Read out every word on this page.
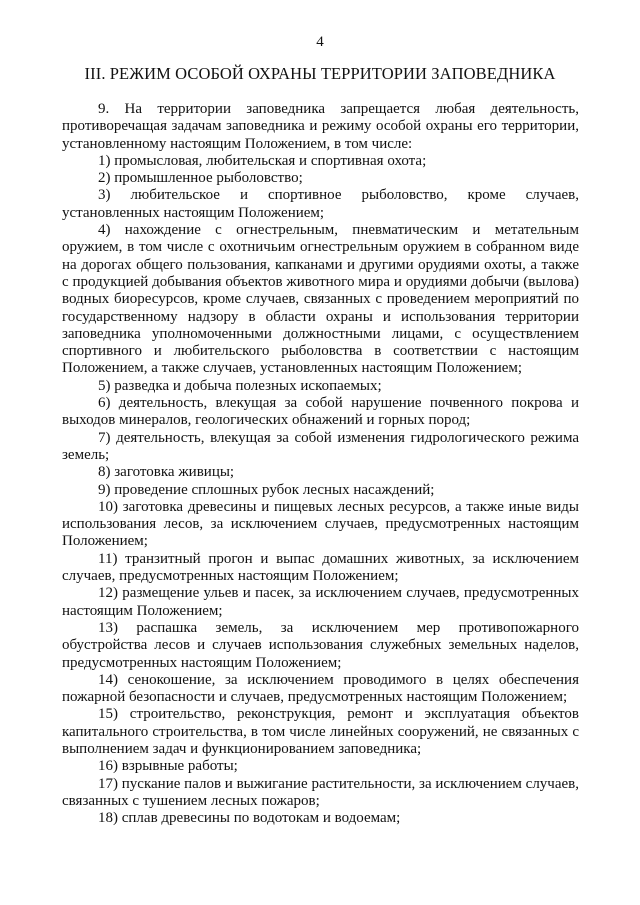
4
III. РЕЖИМ ОСОБОЙ ОХРАНЫ ТЕРРИТОРИИ ЗАПОВЕДНИКА

9. На территории заповедника запрещается любая деятельность, противоречащая задачам заповедника и режиму особой охраны его территории, установленному настоящим Положением, в том числе:

1) промысловая, любительская и спортивная охота;

2) промышленное рыболовство;

3) любительское и спортивное рыболовство, кроме случаев, установленных настоящим Положением;

4) нахождение с огнестрельным, пневматическим и метательным оружием, в том числе с охотничьим огнестрельным оружием в собранном виде на дорогах общего пользования, капканами и другими орудиями охоты, а также с продукцией добывания объектов животного мира и орудиями добычи (вылова) водных биоресурсов, кроме случаев, связанных с проведением мероприятий по государственному надзору в области охраны и использования территории заповедника уполномоченными должностными лицами, с осуществлением спортивного и любительского рыболовства в соответствии с настоящим Положением, а также случаев, установленных настоящим Положением;

5) разведка и добыча полезных ископаемых;

6) деятельность, влекущая за собой нарушение почвенного покрова и выходов минералов, геологических обнажений и горных пород;

7) деятельность, влекущая за собой изменения гидрологического режима земель;

8) заготовка живицы;

9) проведение сплошных рубок лесных насаждений;

10) заготовка древесины и пищевых лесных ресурсов, а также иные виды использования лесов, за исключением случаев, предусмотренных настоящим Положением;

11) транзитный прогон и выпас домашних животных, за исключением случаев, предусмотренных настоящим Положением;

12) размещение ульев и пасек, за исключением случаев, предусмотренных настоящим Положением;

13) распашка земель, за исключением мер противопожарного обустройства лесов и случаев использования служебных земельных наделов, предусмотренных настоящим Положением;

14) сенокошение, за исключением проводимого в целях обеспечения пожарной безопасности и случаев, предусмотренных настоящим Положением;

15) строительство, реконструкция, ремонт и эксплуатация объектов капитального строительства, в том числе линейных сооружений, не связанных с выполнением задач и функционированием заповедника;

16) взрывные работы;

17) пускание палов и выжигание растительности, за исключением случаев, связанных с тушением лесных пожаров;

18) сплав древесины по водотокам и водоемам;
